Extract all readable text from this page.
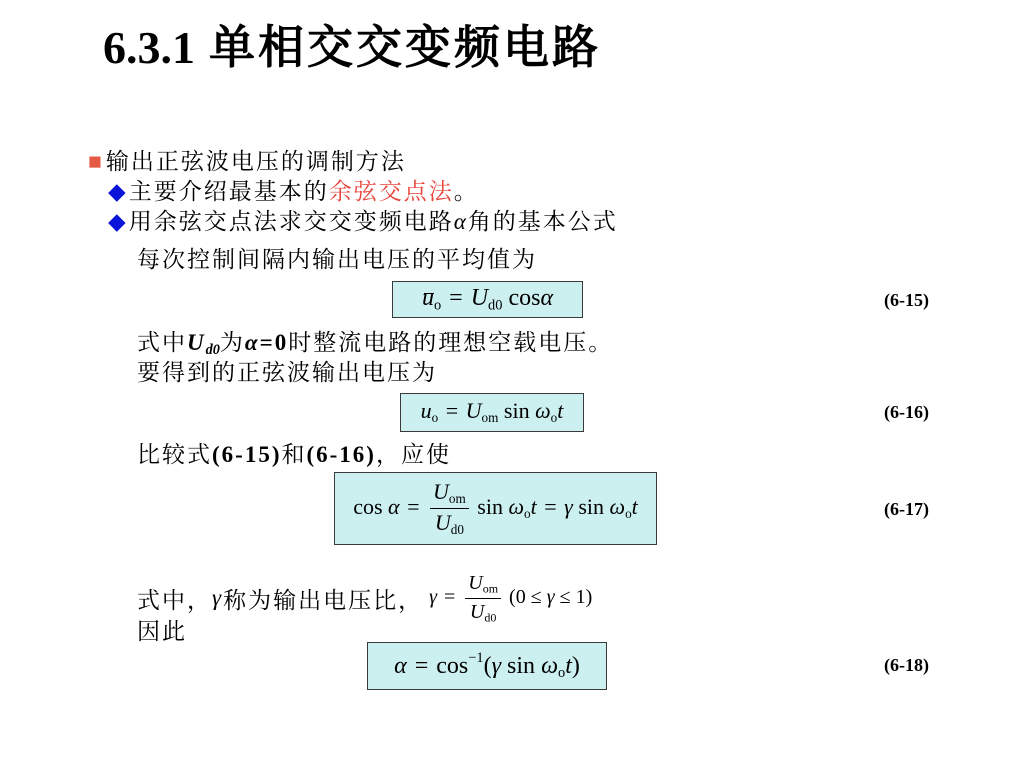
6.3.1 单相交交变频电路
■输出正弦波电压的调制方法
◆主要介绍最基本的余弦交点法。
◆用余弦交点法求交交变频电路α角的基本公式
每次控制间隔内输出电压的平均值为
uo = Ud0 cosα	(6-15)
式中Ud0为α=0时整流电路的理想空载电压。
要得到的正弦波输出电压为
uo = Uom sin ωot	(6-16)
比较式(6-15)和(6-16)，应使
$\cos \alpha = \frac{\text{Uom}}{Ud0}$ sin ωot = γ sin ωot	(6-17)
式中， γ 称为输出电压比， $\gamma = \frac{\text{Uom}}{Ud0} (0 \le \gamma \le 1)$
因此
$\alpha = \cos^{-1}(\gamma$ sin ωot)	(6-18)
